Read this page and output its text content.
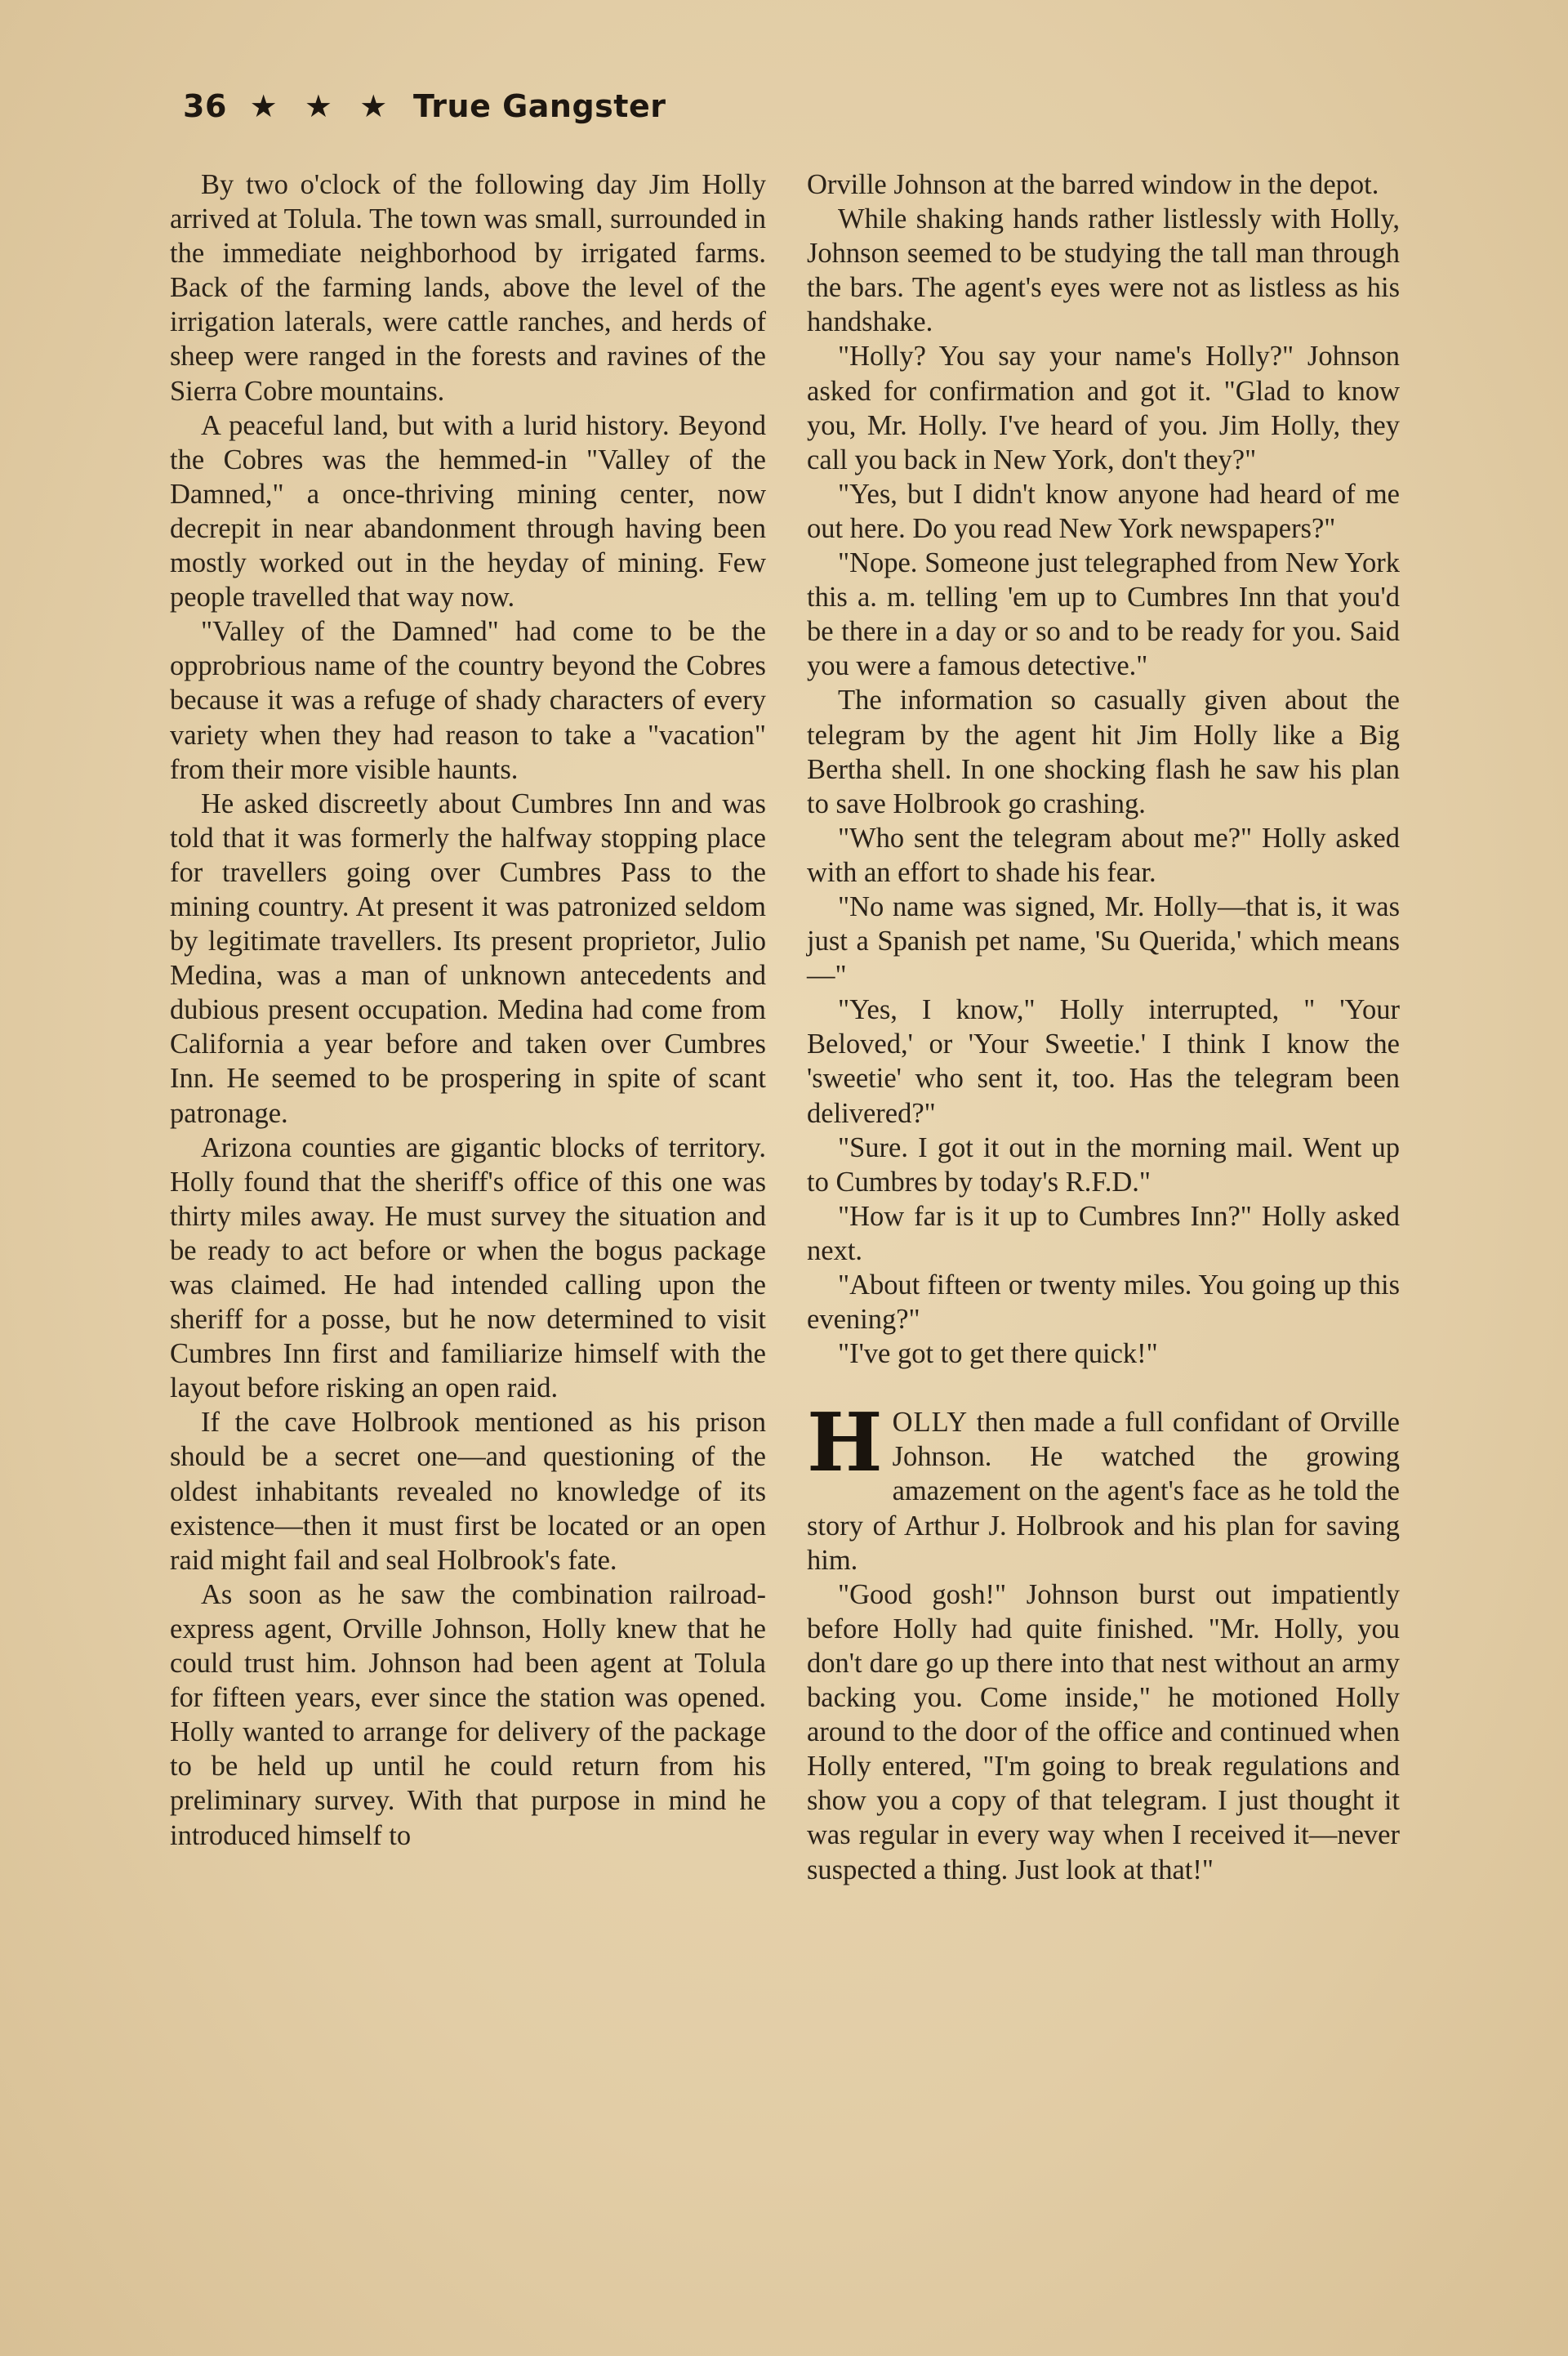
36 ★ ★ ★ True Gangster

By two o'clock of the following day Jim Holly arrived at Tolula. The town was small, surrounded in the immediate neighborhood by irrigated farms. Back of the farming lands, above the level of the irrigation laterals, were cattle ranches, and herds of sheep were ranged in the forests and ravines of the Sierra Cobre mountains.

A peaceful land, but with a lurid history. Beyond the Cobres was the hemmed-in "Valley of the Damned," a once-thriving mining center, now decrepit in near abandonment through having been mostly worked out in the heyday of mining. Few people travelled that way now.

"Valley of the Damned" had come to be the opprobrious name of the country beyond the Cobres because it was a refuge of shady characters of every variety when they had reason to take a "vacation" from their more visible haunts.

He asked discreetly about Cumbres Inn and was told that it was formerly the halfway stopping place for travellers going over Cumbres Pass to the mining country. At present it was patronized seldom by legitimate travellers. Its present proprietor, Julio Medina, was a man of unknown antecedents and dubious present occupation. Medina had come from California a year before and taken over Cumbres Inn. He seemed to be prospering in spite of scant patronage.

Arizona counties are gigantic blocks of territory. Holly found that the sheriff's office of this one was thirty miles away. He must survey the situation and be ready to act before or when the bogus package was claimed. He had intended calling upon the sheriff for a posse, but he now determined to visit Cumbres Inn first and familiarize himself with the layout before risking an open raid.

If the cave Holbrook mentioned as his prison should be a secret one—and questioning of the oldest inhabitants revealed no knowledge of its existence—then it must first be located or an open raid might fail and seal Holbrook's fate.

As soon as he saw the combination railroad-express agent, Orville Johnson, Holly knew that he could trust him. Johnson had been agent at Tolula for fifteen years, ever since the station was opened. Holly wanted to arrange for delivery of the package to be held up until he could return from his preliminary survey. With that purpose in mind he introduced himself to

Orville Johnson at the barred window in the depot.

While shaking hands rather listlessly with Holly, Johnson seemed to be studying the tall man through the bars. The agent's eyes were not as listless as his handshake.

"Holly? You say your name's Holly?" Johnson asked for confirmation and got it. "Glad to know you, Mr. Holly. I've heard of you. Jim Holly, they call you back in New York, don't they?"

"Yes, but I didn't know anyone had heard of me out here. Do you read New York newspapers?"

"Nope. Someone just telegraphed from New York this a. m. telling 'em up to Cumbres Inn that you'd be there in a day or so and to be ready for you. Said you were a famous detective."

The information so casually given about the telegram by the agent hit Jim Holly like a Big Bertha shell. In one shocking flash he saw his plan to save Holbrook go crashing.

"Who sent the telegram about me?" Holly asked with an effort to shade his fear.

"No name was signed, Mr. Holly—that is, it was just a Spanish pet name, 'Su Querida,' which means—"

"Yes, I know," Holly interrupted, " 'Your Beloved,' or 'Your Sweetie.' I think I know the 'sweetie' who sent it, too. Has the telegram been delivered?"

"Sure. I got it out in the morning mail. Went up to Cumbres by today's R.F.D."

"How far is it up to Cumbres Inn?" Holly asked next.

"About fifteen or twenty miles. You going up this evening?"

"I've got to get there quick!"

HOLLY then made a full confidant of Orville Johnson. He watched the growing amazement on the agent's face as he told the story of Arthur J. Holbrook and his plan for saving him.

"Good gosh!" Johnson burst out impatiently before Holly had quite finished. "Mr. Holly, you don't dare go up there into that nest without an army backing you. Come inside," he motioned Holly around to the door of the office and continued when Holly entered, "I'm going to break regulations and show you a copy of that telegram. I just thought it was regular in every way when I received it—never suspected a thing. Just look at that!"
